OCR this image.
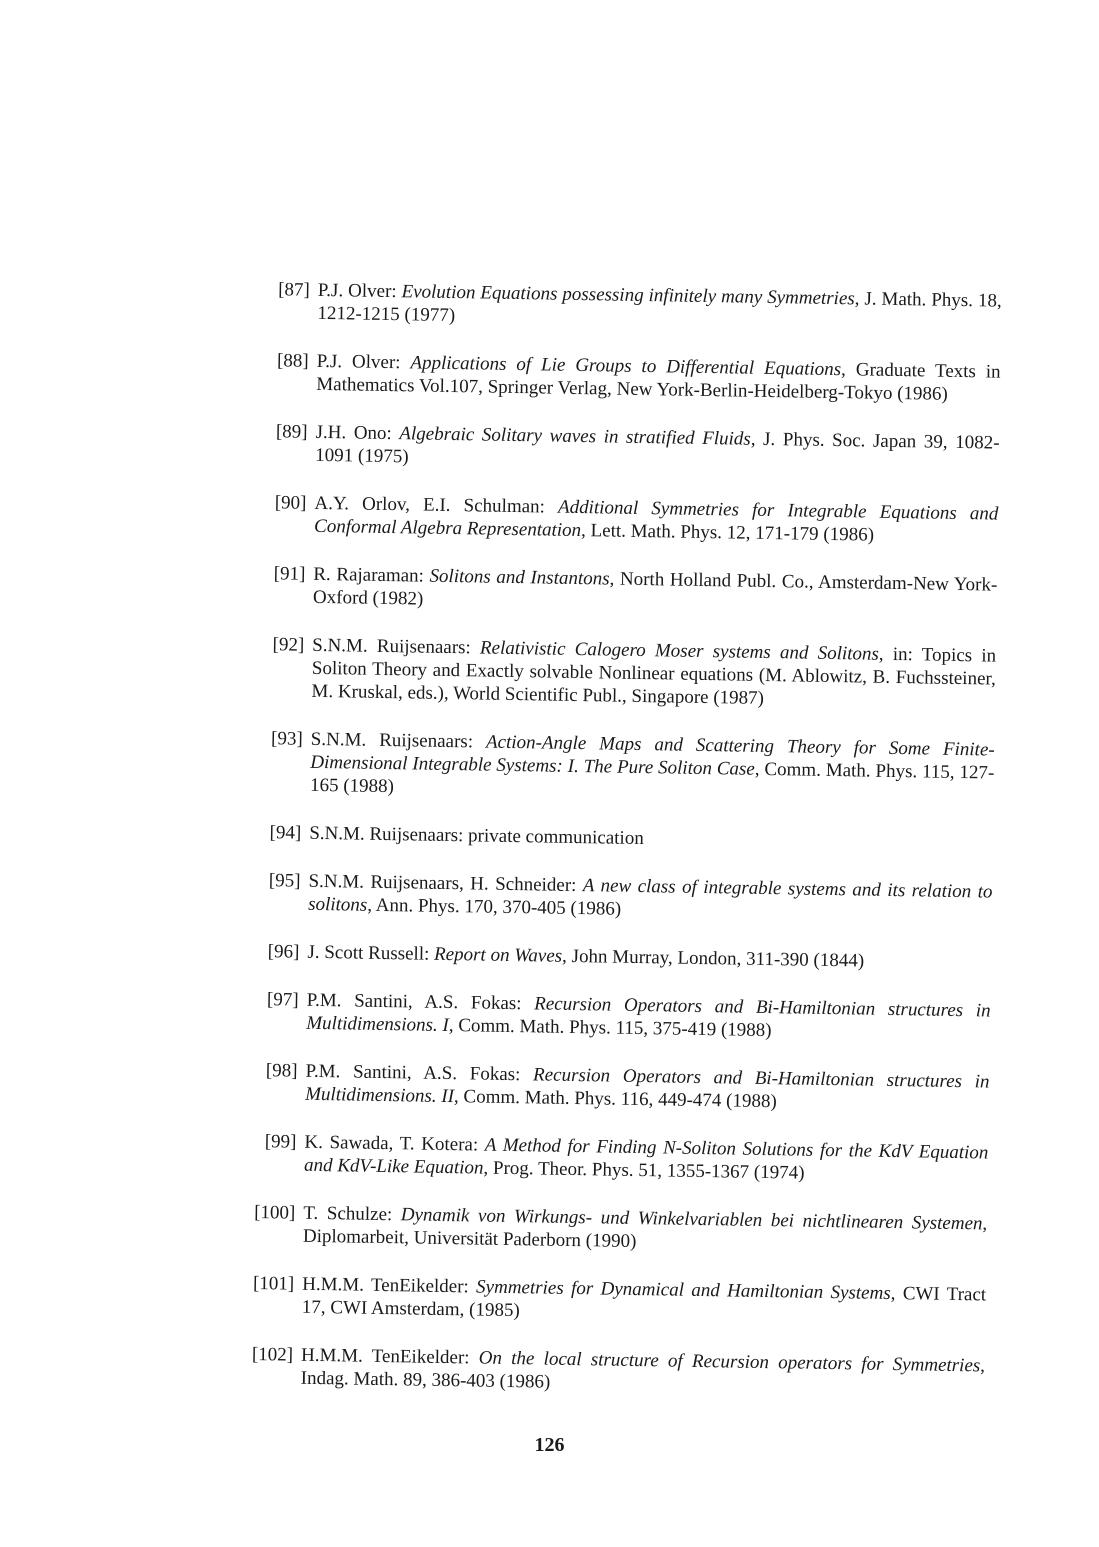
[87] P.J. Olver: Evolution Equations possessing infinitely many Symmetries, J. Math. Phys. 18, 1212-1215 (1977)
[88] P.J. Olver: Applications of Lie Groups to Differential Equations, Graduate Texts in Mathematics Vol.107, Springer Verlag, New York-Berlin-Heidelberg-Tokyo (1986)
[89] J.H. Ono: Algebraic Solitary waves in stratified Fluids, J. Phys. Soc. Japan 39, 1082-1091 (1975)
[90] A.Y. Orlov, E.I. Schulman: Additional Symmetries for Integrable Equations and Conformal Algebra Representation, Lett. Math. Phys. 12, 171-179 (1986)
[91] R. Rajaraman: Solitons and Instantons, North Holland Publ. Co., Amsterdam-New York-Oxford (1982)
[92] S.N.M. Ruijsenaars: Relativistic Calogero Moser systems and Solitons, in: Topics in Soliton Theory and Exactly solvable Nonlinear equations (M. Ablowitz, B. Fuchssteiner, M. Kruskal, eds.), World Scientific Publ., Singapore (1987)
[93] S.N.M. Ruijsenaars: Action-Angle Maps and Scattering Theory for Some Finite-Dimensional Integrable Systems: I. The Pure Soliton Case, Comm. Math. Phys. 115, 127-165 (1988)
[94] S.N.M. Ruijsenaars: private communication
[95] S.N.M. Ruijsenaars, H. Schneider: A new class of integrable systems and its relation to solitons, Ann. Phys. 170, 370-405 (1986)
[96] J. Scott Russell: Report on Waves, John Murray, London, 311-390 (1844)
[97] P.M. Santini, A.S. Fokas: Recursion Operators and Bi-Hamiltonian structures in Multidimensions. I, Comm. Math. Phys. 115, 375-419 (1988)
[98] P.M. Santini, A.S. Fokas: Recursion Operators and Bi-Hamiltonian structures in Multidimensions. II, Comm. Math. Phys. 116, 449-474 (1988)
[99] K. Sawada, T. Kotera: A Method for Finding N-Soliton Solutions for the KdV Equation and KdV-Like Equation, Prog. Theor. Phys. 51, 1355-1367 (1974)
[100] T. Schulze: Dynamik von Wirkungs- und Winkelvariablen bei nichtlinearen Systemen, Diplomarbeit, Universität Paderborn (1990)
[101] H.M.M. TenEikelder: Symmetries for Dynamical and Hamiltonian Systems, CWI Tract 17, CWI Amsterdam, (1985)
[102] H.M.M. TenEikelder: On the local structure of Recursion operators for Symmetries, Indag. Math. 89, 386-403 (1986)
126
